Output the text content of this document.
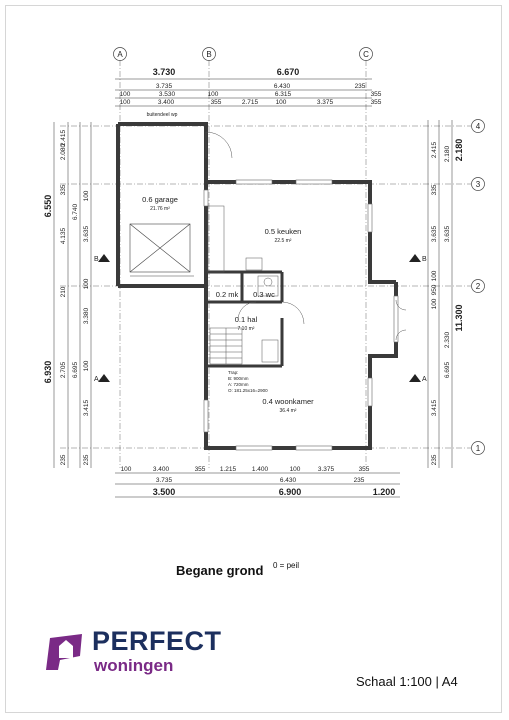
A	B	C
4
3
2
1
3.730	6.670
3.735	6.430	235
100	3.530	100	6.315	355
100	3.400	355	2.715	100	3.375	355
100	3.400	355 1.215 1.400	100	3.375	355
3.735	6.430	235
3.500	6.900	1.200
6.550
6.930
2.080
6.740
6.695
2.415
335
4.135
210
2.705
235
100
3.635
100
3.380
100
3.415
235
2.180
11.300
2.180
3.635
2.330
6.695
2.415
335
3.635
100
950
100
3.415
235
B	B
A	A
0.6 garage
21.76 m²
0.5 keuken
22.5 m²
0.2 mk 0.3 wc
0.1 hal
7.10 m²
0.4 woonkamer
36.4 m²
buitendeel wp
Trap:
B: 900mm
A: 720mm
O: 181.25x16=2900
Begane grond 0 = peil
PERFECT
woningen
Schaal 1:100 | A4
